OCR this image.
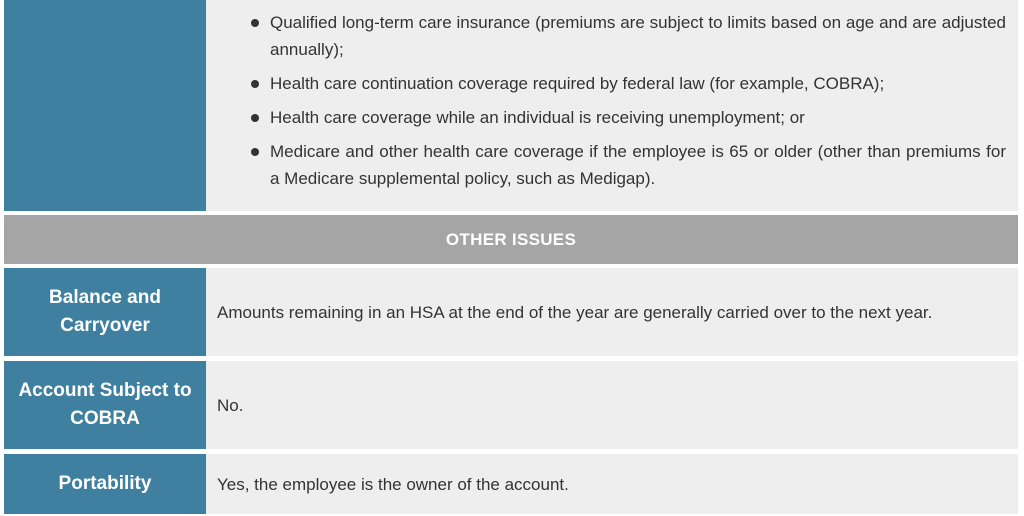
Qualified long-term care insurance (premiums are subject to limits based on age and are adjusted annually);
Health care continuation coverage required by federal law (for example, COBRA);
Health care coverage while an individual is receiving unemployment; or
Medicare and other health care coverage if the employee is 65 or older (other than premiums for a Medicare supplemental policy, such as Medigap).
OTHER ISSUES
Balance and Carryover
Amounts remaining in an HSA at the end of the year are generally carried over to the next year.
Account Subject to COBRA
No.
Portability	Yes, the employee is the owner of the account.
